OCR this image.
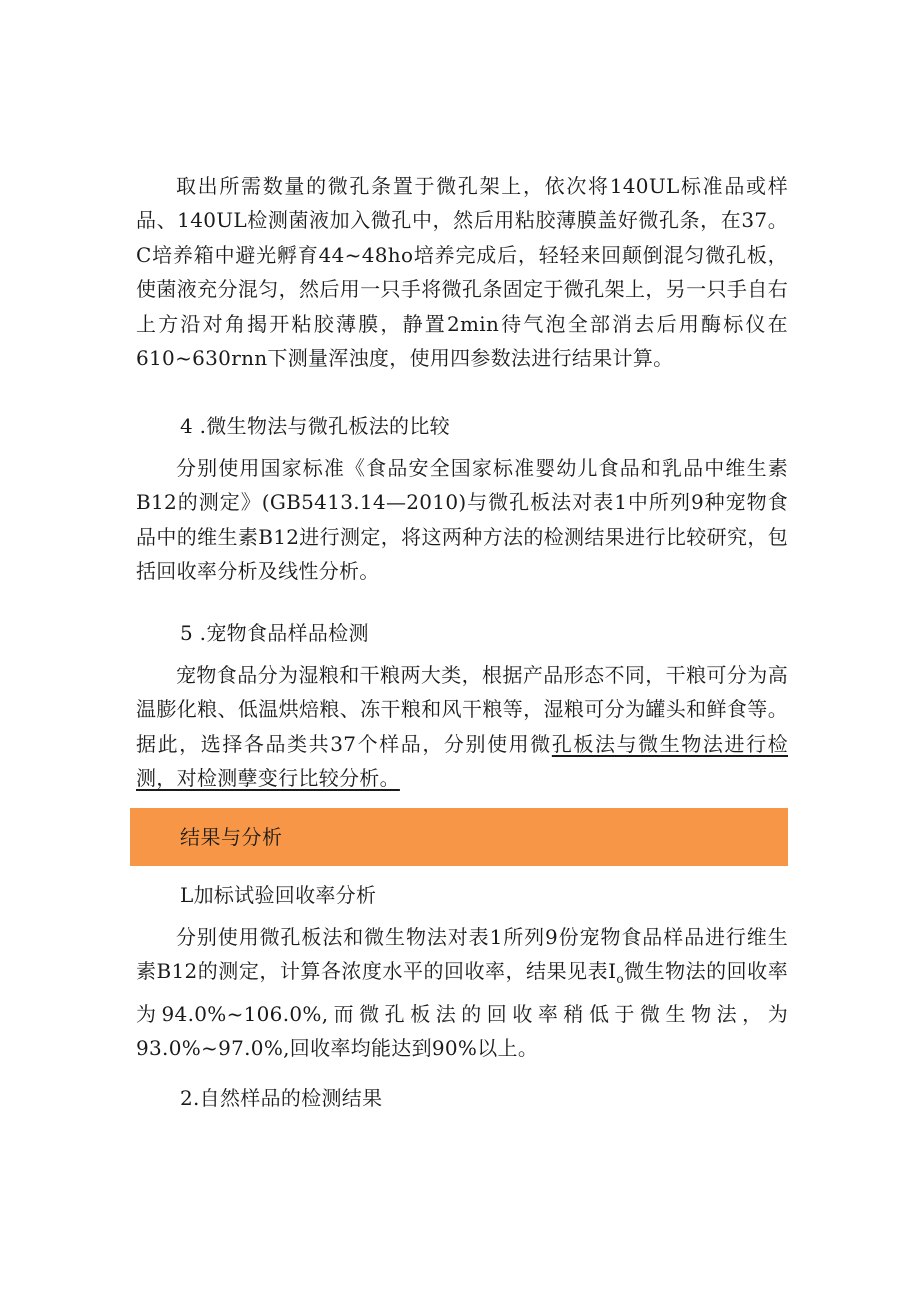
取出所需数量的微孔条置于微孔架上，依次将140UL标准品或样品、140UL检测菌液加入微孔中，然后用粘胶薄膜盖好微孔条，在37。C培养箱中避光孵育44~48ho培养完成后，轻轻来回颠倒混匀微孔板，使菌液充分混匀，然后用一只手将微孔条固定于微孔架上，另一只手自右上方沿对角揭开粘胶薄膜，静置2min待气泡全部消去后用酶标仪在610~630rnn下测量浑浊度，使用四参数法进行结果计算。

4 .微生物法与微孔板法的比较

分别使用国家标准《食品安全国家标准婴幼儿食品和乳品中维生素B12的测定》(GB5413.14—2010)与微孔板法对表1中所列9种宠物食品中的维生素B12进行测定，将这两种方法的检测结果进行比较研究，包括回收率分析及线性分析。

5 .宠物食品样品检测

宠物食品分为湿粮和干粮两大类，根据产品形态不同，干粮可分为高温膨化粮、低温烘焙粮、冻干粮和风干粮等，湿粮可分为罐头和鲜食等。据此，选择各品类共37个样品，分别使用微孔板法与微生物法进行检测，对检测孽变行比较分析。

结果与分析

L加标试验回收率分析

分别使用微孔板法和微生物法对表1所列9份宠物食品样品进行维生素B12的测定，计算各浓度水平的回收率，结果见表$I_o$微生物法的回收率为94.0%~106.0%,而微孔板法的回收率稍低于微生物法，为93.0%~97.0%,回收率均能达到90%以上。

2.自然样品的检测结果
